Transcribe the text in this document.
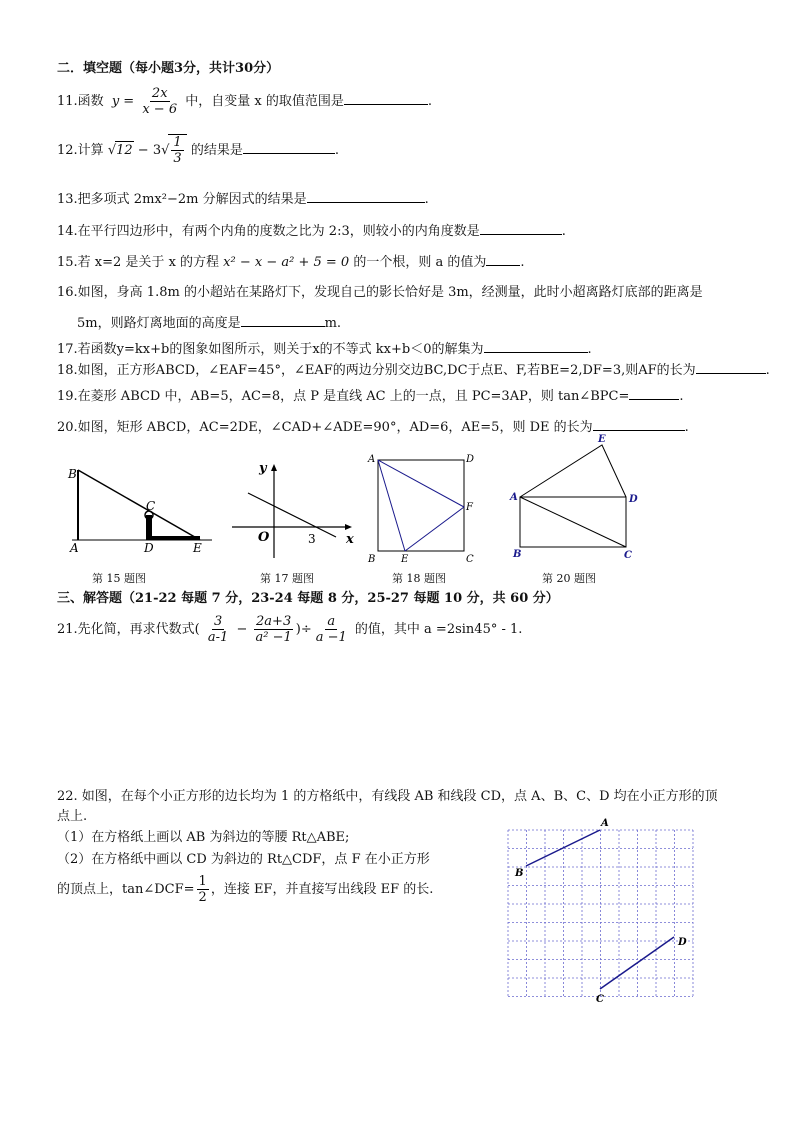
二．填空题（每小题3分，共计30分）
11.函数 $y = \frac{2x}{x - 6}$ 中，自变量 x 的取值范围是	.
12.计算 $√12 - 3√ \frac{1}{3}$ 的结果是	.
13.把多项式 2mx²−2m 分解因式的结果是	.
14.在平行四边形中，有两个内角的度数之比为 2:3，则较小的内角度数是	.
15.若 x=2 是关于 x 的方程 x² − x − a² + 5 = 0 的一个根，则 a 的值为	.
16.如图，身高 1.8m 的小超站在某路灯下，发现自己的影长恰好是 3m，经测量，此时小超离路灯底部的距离是
5m，则路灯离地面的高度是	m.
17.若函数y=kx+b的图象如图所示，则关于x的不等式 kx+b＜0的解集为	.
18.如图，正方形ABCD，∠EAF=45°，∠EAF的两边分别交边BC,DC于点E、F,若BE=2,DF=3,则AF的长为	.
19.在菱形 ABCD 中，AB=5，AC=8，点 P 是直线 AC 上的一点，且 PC=3AP，则 tan∠BPC=	.
20.如图，矩形 ABCD，AC=2DE，∠CAD+∠ADE=90°，AD=6，AE=5，则 DE 的长为	.
B
A
C
D	E
第 15 题图
y
x
O	3
第 17 题图
A	D
B	E	C
F
第 18 题图
E
A	D
B	C
第 20 题图
三、解答题（21-22 每题 7 分，23-24 每题 8 分，25-27 每题 10 分，共 60 分）
21.先化简，再求代数式( $\frac{3}{a-1} - \frac{2a+3}{\text{a² −1}}$ )÷ $\frac{a}{a -1}$ 的值，其中 a =2sin45° - 1.
22. 如图，在每个小正方形的边长均为 1 的方格纸中，有线段 AB 和线段 CD，点 A、B、C、D 均在小正方形的顶
点上.
（1）在方格纸上画以 AB 为斜边的等腰 Rt△ABE;
（2）在方格纸中画以 CD 为斜边的 Rt△CDF，点 F 在小正方形
的顶点上，tan∠DCF= $\frac{1}{2}$ ，连接 EF，并直接写出线段 EF 的长.
A
B
C
D
